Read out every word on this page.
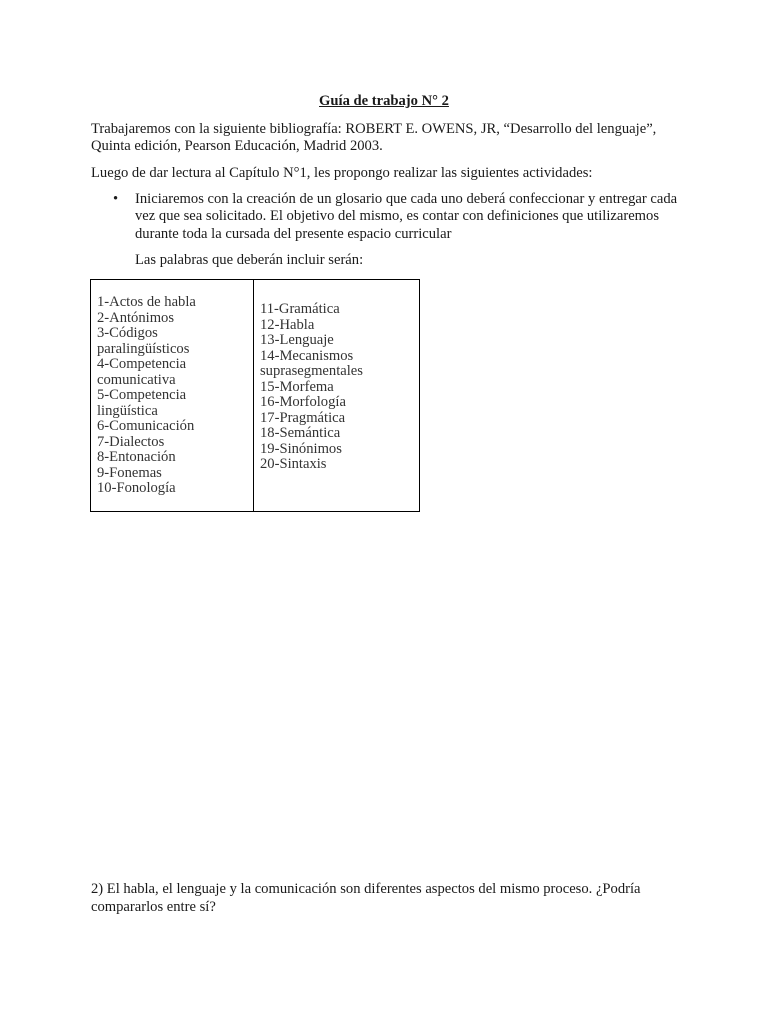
Guía de trabajo N° 2

Trabajaremos con la siguiente bibliografía: ROBERT E. OWENS, JR, “Desarrollo del lenguaje”, Quinta edición, Pearson Educación, Madrid 2003.

Luego de dar lectura al Capítulo N°1, les propongo realizar las siguientes actividades:

• Iniciaremos con la creación de un glosario que cada uno deberá confeccionar y entregar cada vez que sea solicitado. El objetivo del mismo, es contar con definiciones que utilizaremos durante toda la cursada del presente espacio curricular

Las palabras que deberán incluir serán:
1-Actos de habla
2-Antónimos
3-Códigos
paralingüísticos
4-Competencia
comunicativa
5-Competencia
lingüística
6-Comunicación
7-Dialectos
8-Entonación
9-Fonemas
10-Fonología
11-Gramática
12-Habla
13-Lenguaje
14-Mecanismos
suprasegmentales
15-Morfema
16-Morfología
17-Pragmática
18-Semántica
19-Sinónimos
20-Sintaxis

2) El habla, el lenguaje y la comunicación son diferentes aspectos del mismo proceso. ¿Podría compararlos entre sí?
